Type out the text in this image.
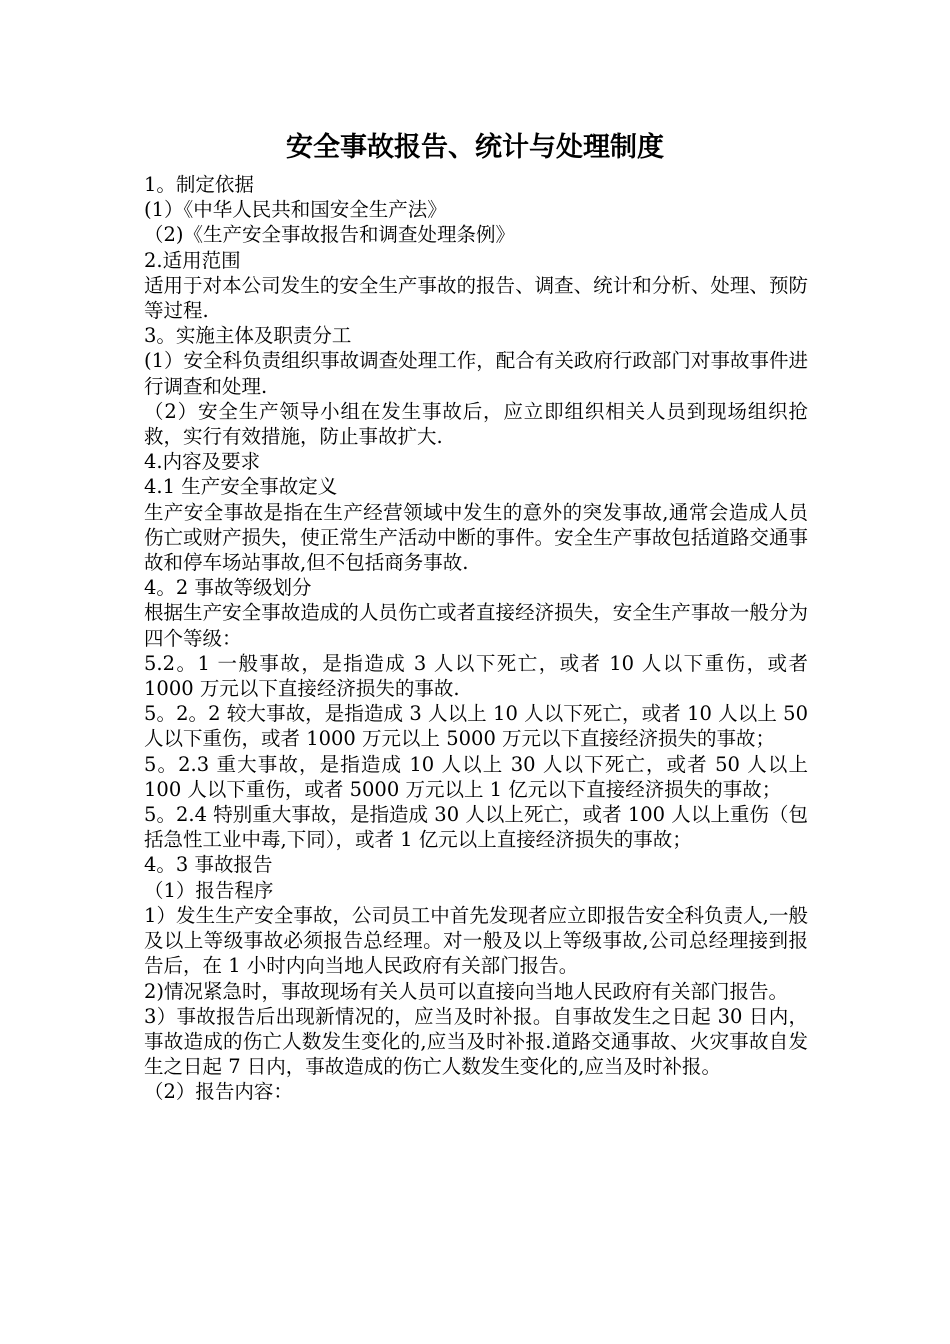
安全事故报告、统计与处理制度

1。制定依据

(1）《中华人民共和国安全生产法》

（2)《生产安全事故报告和调查处理条例》

2.适用范围

适用于对本公司发生的安全生产事故的报告、调查、统计和分析、处理、预防等过程.

3。实施主体及职责分工

(1）安全科负责组织事故调查处理工作，配合有关政府行政部门对事故事件进行调查和处理.

（2）安全生产领导小组在发生事故后，应立即组织相关人员到现场组织抢救，实行有效措施，防止事故扩大.

4.内容及要求

4.1 生产安全事故定义

生产安全事故是指在生产经营领域中发生的意外的突发事故,通常会造成人员伤亡或财产损失，使正常生产活动中断的事件。安全生产事故包括道路交通事故和停车场站事故,但不包括商务事故.

4。2 事故等级划分

根据生产安全事故造成的人员伤亡或者直接经济损失，安全生产事故一般分为四个等级：

5.2。1 一般事故，是指造成 3 人以下死亡，或者 10 人以下重伤，或者 1000 万元以下直接经济损失的事故.

5。2。2 较大事故，是指造成 3 人以上 10 人以下死亡，或者 10 人以上 50 人以下重伤，或者 1000 万元以上 5000 万元以下直接经济损失的事故；

5。2.3 重大事故，是指造成 10 人以上 30 人以下死亡，或者 50 人以上 100 人以下重伤，或者 5000 万元以上 1 亿元以下直接经济损失的事故；

5。2.4 特别重大事故，是指造成 30 人以上死亡，或者 100 人以上重伤（包括急性工业中毒,下同），或者 1 亿元以上直接经济损失的事故；

4。3 事故报告

（1）报告程序

1）发生生产安全事故，公司员工中首先发现者应立即报告安全科负责人,一般及以上等级事故必须报告总经理。对一般及以上等级事故,公司总经理接到报告后，在 1 小时内向当地人民政府有关部门报告。

2)情况紧急时，事故现场有关人员可以直接向当地人民政府有关部门报告。

3）事故报告后出现新情况的，应当及时补报。自事故发生之日起 30 日内，事故造成的伤亡人数发生变化的,应当及时补报.道路交通事故、火灾事故自发生之日起 7 日内，事故造成的伤亡人数发生变化的,应当及时补报。

（2）报告内容：
